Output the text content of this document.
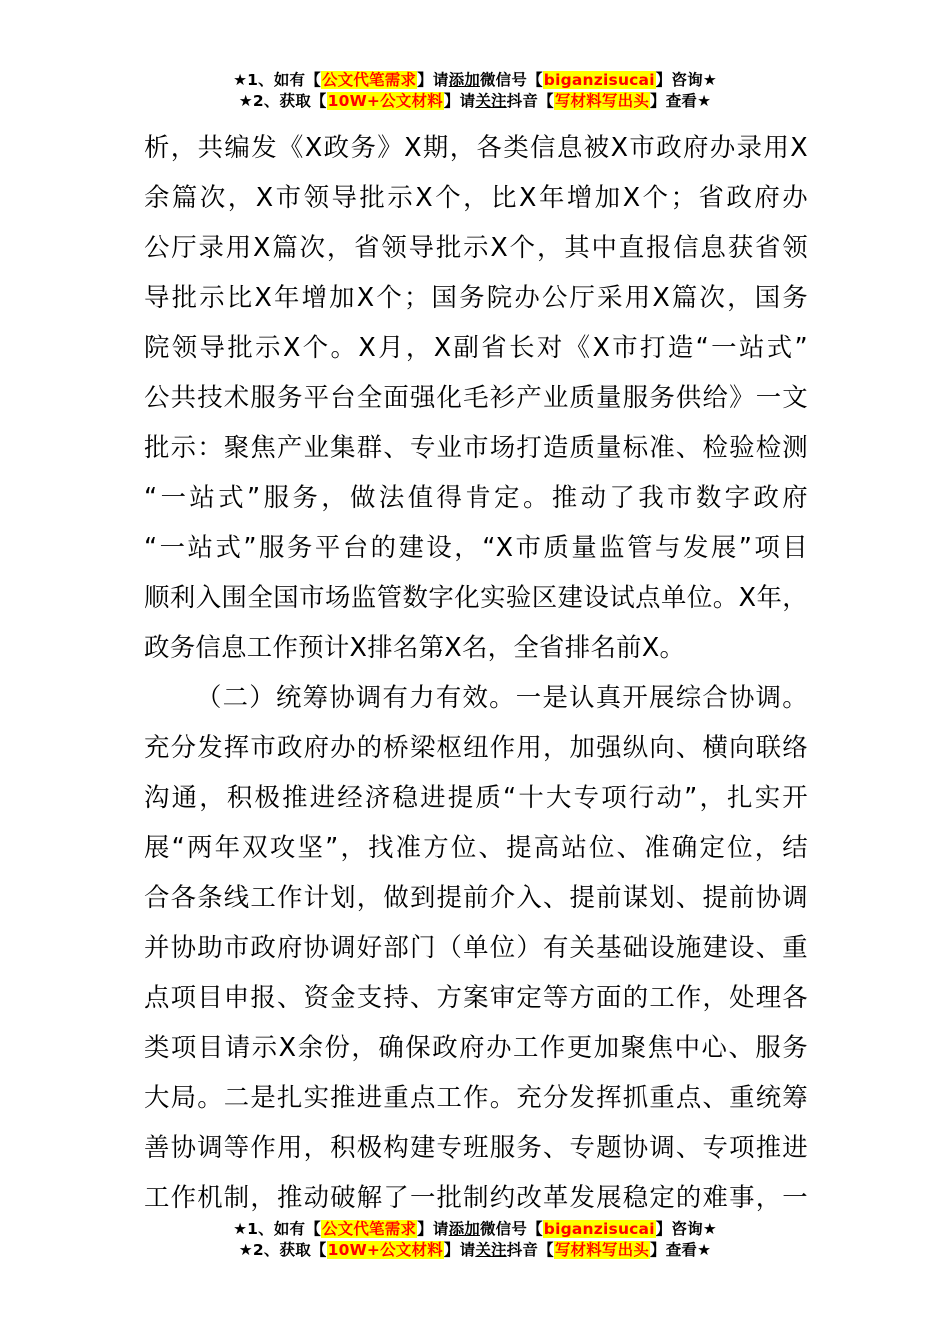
★1、如有【公文代笔需求】请添加微信号【biganzisucai】咨询★
★2、获取【10W+公文材料】请关注抖音【写材料写出头】查看★
析，共编发《X政务》X期，各类信息被X市政府办录用X
余篇次，X市领导批示X个，比X年增加X个；省政府办
公厅录用X篇次，省领导批示X个，其中直报信息获省领
导批示比X年增加X个；国务院办公厅采用X篇次，国务
院领导批示X个。X月，X副省长对《X市打造“一站式”
公共技术服务平台全面强化毛衫产业质量服务供给》一文
批示：聚焦产业集群、专业市场打造质量标准、检验检测
“一站式”服务，做法值得肯定。推动了我市数字政府
“一站式”服务平台的建设，“X市质量监管与发展”项目
顺利入围全国市场监管数字化实验区建设试点单位。X年，
政务信息工作预计X排名第X名，全省排名前X。
（二）统筹协调有力有效。一是认真开展综合协调。
充分发挥市政府办的桥梁枢纽作用，加强纵向、横向联络
沟通，积极推进经济稳进提质“十大专项行动”，扎实开
展“两年双攻坚”，找准方位、提高站位、准确定位，结
合各条线工作计划，做到提前介入、提前谋划、提前协调
并协助市政府协调好部门（单位）有关基础设施建设、重
点项目申报、资金支持、方案审定等方面的工作，处理各
类项目请示X余份，确保政府办工作更加聚焦中心、服务
大局。二是扎实推进重点工作。充分发挥抓重点、重统筹
善协调等作用，积极构建专班服务、专题协调、专项推进
工作机制，推动破解了一批制约改革发展稳定的难事，一
★1、如有【公文代笔需求】请添加微信号【biganzisucai】咨询★
★2、获取【10W+公文材料】请关注抖音【写材料写出头】查看★
